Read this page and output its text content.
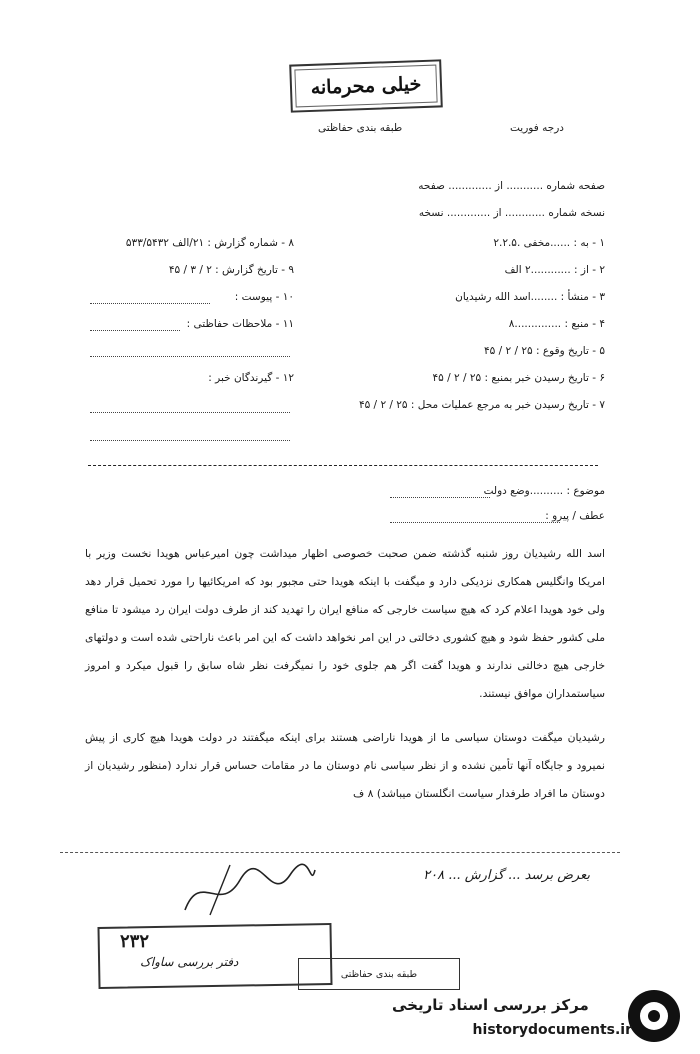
خیلی محرمانه
درجه فوریت
طبقه بندی حفاظتی
صفحه شماره ........... از ............. صفحه
نسخه شماره ............ از ............. نسخه
۱ - به : ......مخفی .۲.۲.۵
۲ - از : ............۲ الف
۳ - منشأ : ........اسد الله رشیدیان
۴ - منبع : ..............۸
۵ - تاریخ وقوع : ۲۵ / ۲ / ۴۵
۶ - تاریخ رسیدن خبر بمنبع : ۲۵ / ۲ / ۴۵
۷ - تاریخ رسیدن خبر به مرجع عملیات محل : ۲۵ / ۲ / ۴۵
۸ - شماره گزارش : ۲۱/الف ۵۳۳/۵۴۳۲
۹ - تاریخ گزارش : ۲ / ۳ / ۴۵
۱۰ - پیوست :
۱۱ - ملاحظات حفاظتی :
۱۲ - گیرندگان خبر :
موضوع : ..........وضع دولت
عطف / پیرو :
اسد الله رشیدیان روز شنبه گذشته ضمن صحبت خصوصی اظهار میداشت چون امیرعباس هویدا نخست وزیر با امریکا وانگلیس همکاری نزدیکی دارد و میگفت با اینکه هویدا حتی مجبور بود که امریکائیها را مورد تحمیل قرار دهد ولی خود هویدا اعلام کرد که هیچ سیاست خارجی که منافع ایران را تهدید کند از طرف دولت ایران رد میشود تا منافع ملی کشور حفظ شود و هیچ کشوری دخالتی در این امر نخواهد داشت که این امر باعث ناراحتی شده است و دولتهای خارجی هیچ دخالتی ندارند و هویدا گفت اگر هم جلوی خود را نمیگرفت نظر شاه سابق را قبول میکرد و امروز سیاستمداران موافق نیستند.
رشیدیان میگفت دوستان سیاسی ما از هویدا ناراضی هستند برای اینکه میگفتند در دولت هویدا هیچ کاری از پیش نمیرود و جایگاه آنها تأمین نشده و از نظر سیاسی نام دوستان ما در مقامات حساس قرار ندارد (منظور رشیدیان از دوستان ما افراد طرفدار سیاست انگلستان میباشد) ۸ ف
بعرض برسد ... گزارش ... ۲۰۸
۲۳۲
دفتر بررسی ساواک
طبقه بندی حفاظتی
مرکز بررسی اسناد تاریخی
historydocuments.ir
